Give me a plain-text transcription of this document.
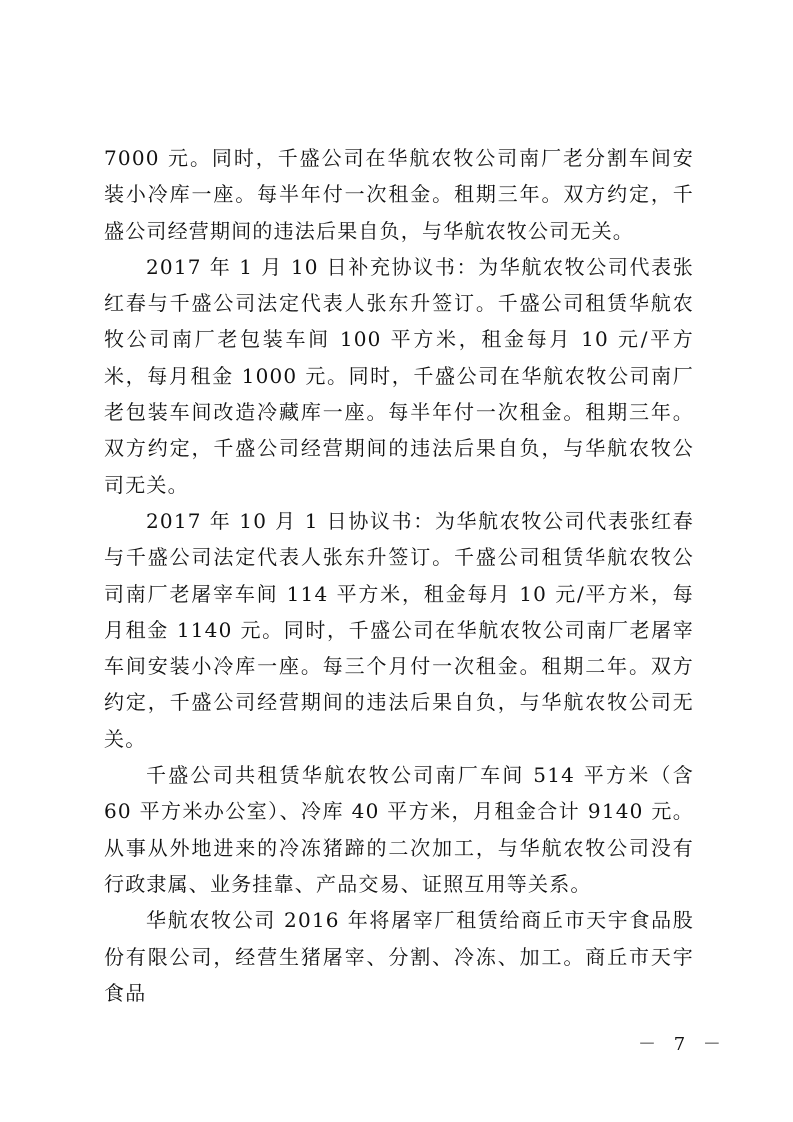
7000 元。同时，千盛公司在华航农牧公司南厂老分割车间安装小冷库一座。每半年付一次租金。租期三年。双方约定，千盛公司经营期间的违法后果自负，与华航农牧公司无关。

2017 年 1 月 10 日补充协议书：为华航农牧公司代表张红春与千盛公司法定代表人张东升签订。千盛公司租赁华航农牧公司南厂老包装车间 100 平方米，租金每月 10 元/平方米，每月租金 1000 元。同时，千盛公司在华航农牧公司南厂老包装车间改造冷藏库一座。每半年付一次租金。租期三年。双方约定，千盛公司经营期间的违法后果自负，与华航农牧公司无关。

2017 年 10 月 1 日协议书：为华航农牧公司代表张红春与千盛公司法定代表人张东升签订。千盛公司租赁华航农牧公司南厂老屠宰车间 114 平方米，租金每月 10 元/平方米，每月租金 1140 元。同时，千盛公司在华航农牧公司南厂老屠宰车间安装小冷库一座。每三个月付一次租金。租期二年。双方约定，千盛公司经营期间的违法后果自负，与华航农牧公司无关。

千盛公司共租赁华航农牧公司南厂车间 514 平方米（含 60 平方米办公室）、冷库 40 平方米，月租金合计 9140 元。从事从外地进来的冷冻猪蹄的二次加工，与华航农牧公司没有行政隶属、业务挂靠、产品交易、证照互用等关系。

华航农牧公司 2016 年将屠宰厂租赁给商丘市天宇食品股份有限公司，经营生猪屠宰、分割、冷冻、加工。商丘市天宇食品

－ 7 －
